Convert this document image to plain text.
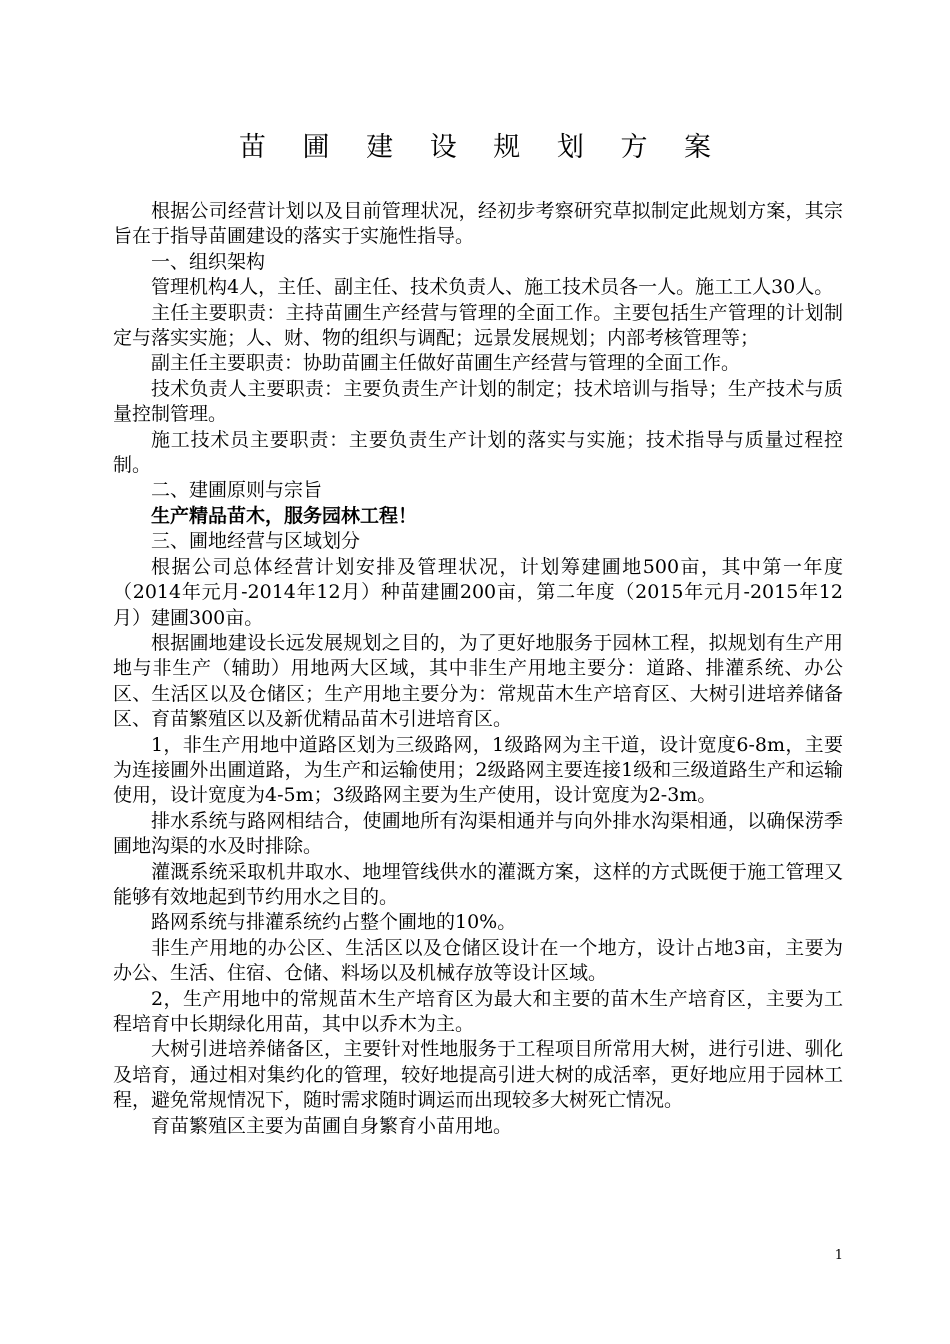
苗 圃 建 设 规 划 方 案

根据公司经营计划以及目前管理状况，经初步考察研究草拟制定此规划方案，其宗旨在于指导苗圃建设的落实于实施性指导。

一、组织架构

管理机构4人，主任、副主任、技术负责人、施工技术员各一人。施工工人30人。

主任主要职责：主持苗圃生产经营与管理的全面工作。主要包括生产管理的计划制定与落实实施；人、财、物的组织与调配；远景发展规划；内部考核管理等；

副主任主要职责：协助苗圃主任做好苗圃生产经营与管理的全面工作。

技术负责人主要职责：主要负责生产计划的制定；技术培训与指导；生产技术与质量控制管理。

施工技术员主要职责：主要负责生产计划的落实与实施；技术指导与质量过程控制。

二、建圃原则与宗旨

生产精品苗木，服务园林工程！

三、圃地经营与区域划分

根据公司总体经营计划安排及管理状况，计划筹建圃地500亩，其中第一年度（2014年元月-2014年12月）种苗建圃200亩，第二年度（2015年元月-2015年12月）建圃300亩。

根据圃地建设长远发展规划之目的，为了更好地服务于园林工程，拟规划有生产用地与非生产（辅助）用地两大区域，其中非生产用地主要分：道路、排灌系统、办公区、生活区以及仓储区；生产用地主要分为：常规苗木生产培育区、大树引进培养储备区、育苗繁殖区以及新优精品苗木引进培育区。

1，非生产用地中道路区划为三级路网，1级路网为主干道，设计宽度6-8m，主要为连接圃外出圃道路，为生产和运输使用；2级路网主要连接1级和三级道路生产和运输使用，设计宽度为4-5m；3级路网主要为生产使用，设计宽度为2-3m。

排水系统与路网相结合，使圃地所有沟渠相通并与向外排水沟渠相通，以确保涝季圃地沟渠的水及时排除。

灌溉系统采取机井取水、地埋管线供水的灌溉方案，这样的方式既便于施工管理又能够有效地起到节约用水之目的。

路网系统与排灌系统约占整个圃地的10%。

非生产用地的办公区、生活区以及仓储区设计在一个地方，设计占地3亩，主要为办公、生活、住宿、仓储、料场以及机械存放等设计区域。

2，生产用地中的常规苗木生产培育区为最大和主要的苗木生产培育区，主要为工程培育中长期绿化用苗，其中以乔木为主。

大树引进培养储备区，主要针对性地服务于工程项目所常用大树，进行引进、驯化及培育，通过相对集约化的管理，较好地提高引进大树的成活率，更好地应用于园林工程，避免常规情况下，随时需求随时调运而出现较多大树死亡情况。

育苗繁殖区主要为苗圃自身繁育小苗用地。

1
